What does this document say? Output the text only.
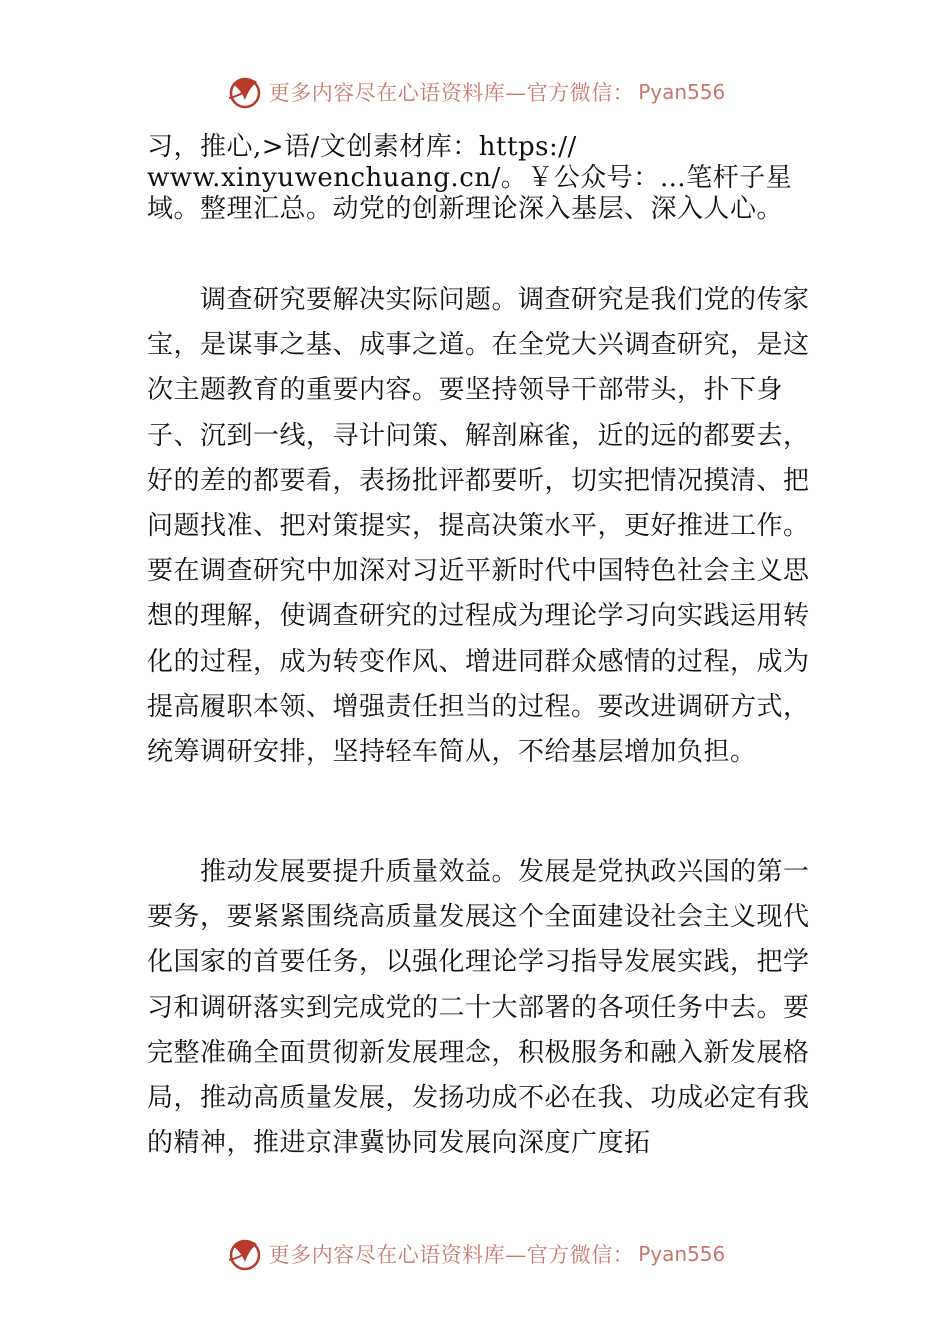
更多内容尽在心语资料库—官方微信： Pyan556

习，推心,>语/文创素材库：https://
www.xinyuwenchuang.cn/。￥公众号：…笔杆子星域。整理汇总。动党的创新理论深入基层、深入人心。

　　调查研究要解决实际问题。调查研究是我们党的传家宝，是谋事之基、成事之道。在全党大兴调查研究，是这次主题教育的重要内容。要坚持领导干部带头，扑下身子、沉到一线，寻计问策、解剖麻雀，近的远的都要去，好的差的都要看，表扬批评都要听，切实把情况摸清、把问题找准、把对策提实，提高决策水平，更好推进工作。要在调查研究中加深对习近平新时代中国特色社会主义思想的理解，使调查研究的过程成为理论学习向实践运用转化的过程，成为转变作风、增进同群众感情的过程，成为提高履职本领、增强责任担当的过程。要改进调研方式，统筹调研安排，坚持轻车简从，不给基层增加负担。

　　推动发展要提升质量效益。发展是党执政兴国的第一要务，要紧紧围绕高质量发展这个全面建设社会主义现代化国家的首要任务，以强化理论学习指导发展实践，把学习和调研落实到完成党的二十大部署的各项任务中去。要完整准确全面贯彻新发展理念，积极服务和融入新发展格局，推动高质量发展，发扬功成不必在我、功成必定有我的精神，推进京津冀协同发展向深度广度拓

更多内容尽在心语资料库—官方微信： Pyan556
